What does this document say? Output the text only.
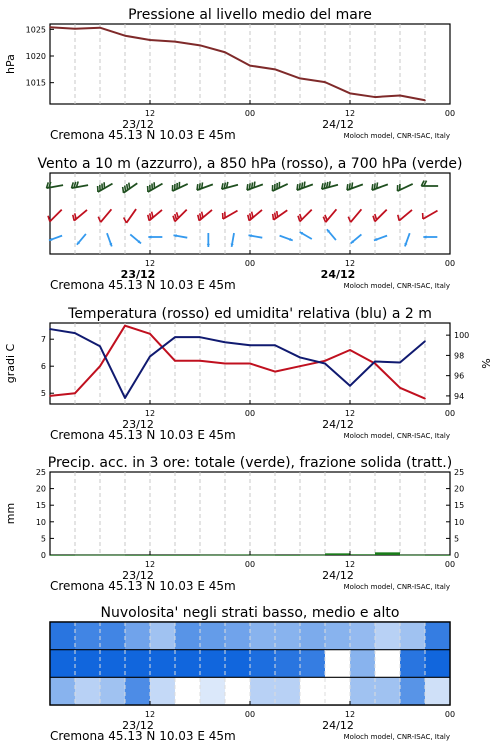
Pressione al livello medio del mare
1015
1020
1025
hPa
12	00	12	00
23/12	24/12
Cremona 45.13 N 10.03 E 45m	Moloch model, CNR-ISAC, Italy
Vento a 10 m (azzurro), a 850 hPa (rosso), a 700 hPa (verde)
12	00	12	00
23/12	24/12
Cremona 45.13 N 10.03 E 45m	Moloch model, CNR-ISAC, Italy
Temperatura (rosso) ed umidita' relativa (blu) a 2 m
5
6
7
94
96
98
100
gradi C	%
12	00	12	00
23/12	24/12
Cremona 45.13 N 10.03 E 45m	Moloch model, CNR-ISAC, Italy
Precip. acc. in 3 ore: totale (verde), frazione solida (tratt.)
0
5
10
15
20
25
0
5
10
15
20
25
mm
12	00	12	00
23/12	24/12
Cremona 45.13 N 10.03 E 45m	Moloch model, CNR-ISAC, Italy
Nuvolosita' negli strati basso, medio e alto
12	00	12	00
23/12	24/12
Cremona 45.13 N 10.03 E 45m	Moloch model, CNR-ISAC, Italy
